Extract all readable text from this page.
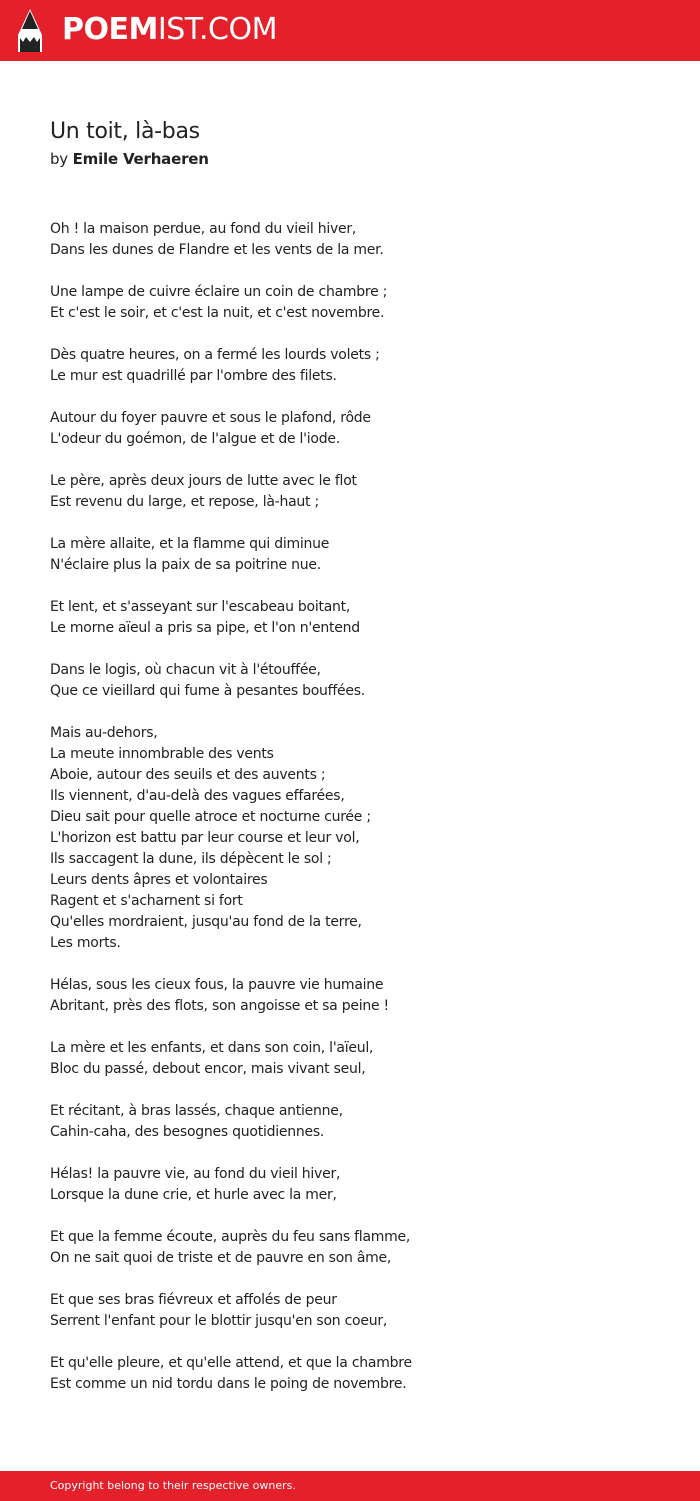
POEMIST.COM
Un toit, là-bas
by Emile Verhaeren
Oh ! la maison perdue, au fond du vieil hiver,
Dans les dunes de Flandre et les vents de la mer.
Une lampe de cuivre éclaire un coin de chambre ;
Et c'est le soir, et c'est la nuit, et c'est novembre.
Dès quatre heures, on a fermé les lourds volets ;
Le mur est quadrillé par l'ombre des filets.
Autour du foyer pauvre et sous le plafond, rôde
L'odeur du goémon, de l'algue et de l'iode.
Le père, après deux jours de lutte avec le flot
Est revenu du large, et repose, là-haut ;
La mère allaite, et la flamme qui diminue
N'éclaire plus la paix de sa poitrine nue.
Et lent, et s'asseyant sur l'escabeau boitant,
Le morne aïeul a pris sa pipe, et l'on n'entend
Dans le logis, où chacun vit à l'étouffée,
Que ce vieillard qui fume à pesantes bouffées.
Mais au-dehors,
La meute innombrable des vents
Aboie, autour des seuils et des auvents ;
Ils viennent, d'au-delà des vagues effarées,
Dieu sait pour quelle atroce et nocturne curée ;
L'horizon est battu par leur course et leur vol,
Ils saccagent la dune, ils dépècent le sol ;
Leurs dents âpres et volontaires
Ragent et s'acharnent si fort
Qu'elles mordraient, jusqu'au fond de la terre,
Les morts.
Hélas, sous les cieux fous, la pauvre vie humaine
Abritant, près des flots, son angoisse et sa peine !
La mère et les enfants, et dans son coin, l'aïeul,
Bloc du passé, debout encor, mais vivant seul,
Et récitant, à bras lassés, chaque antienne,
Cahin-caha, des besognes quotidiennes.
Hélas! la pauvre vie, au fond du vieil hiver,
Lorsque la dune crie, et hurle avec la mer,
Et que la femme écoute, auprès du feu sans flamme,
On ne sait quoi de triste et de pauvre en son âme,
Et que ses bras fiévreux et affolés de peur
Serrent l'enfant pour le blottir jusqu'en son coeur,
Et qu'elle pleure, et qu'elle attend, et que la chambre
Est comme un nid tordu dans le poing de novembre.
Copyright belong to their respective owners.
